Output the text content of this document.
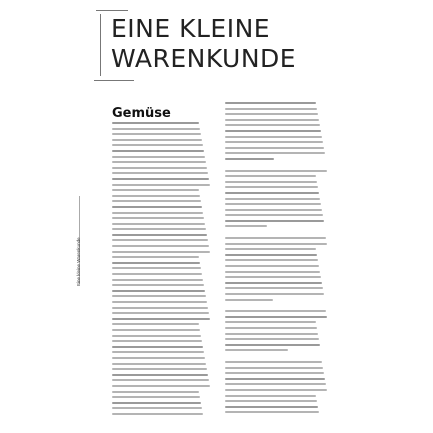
EINE KLEINE
WARENKUNDE
Gemüse
Eine kleine Warenkunde
